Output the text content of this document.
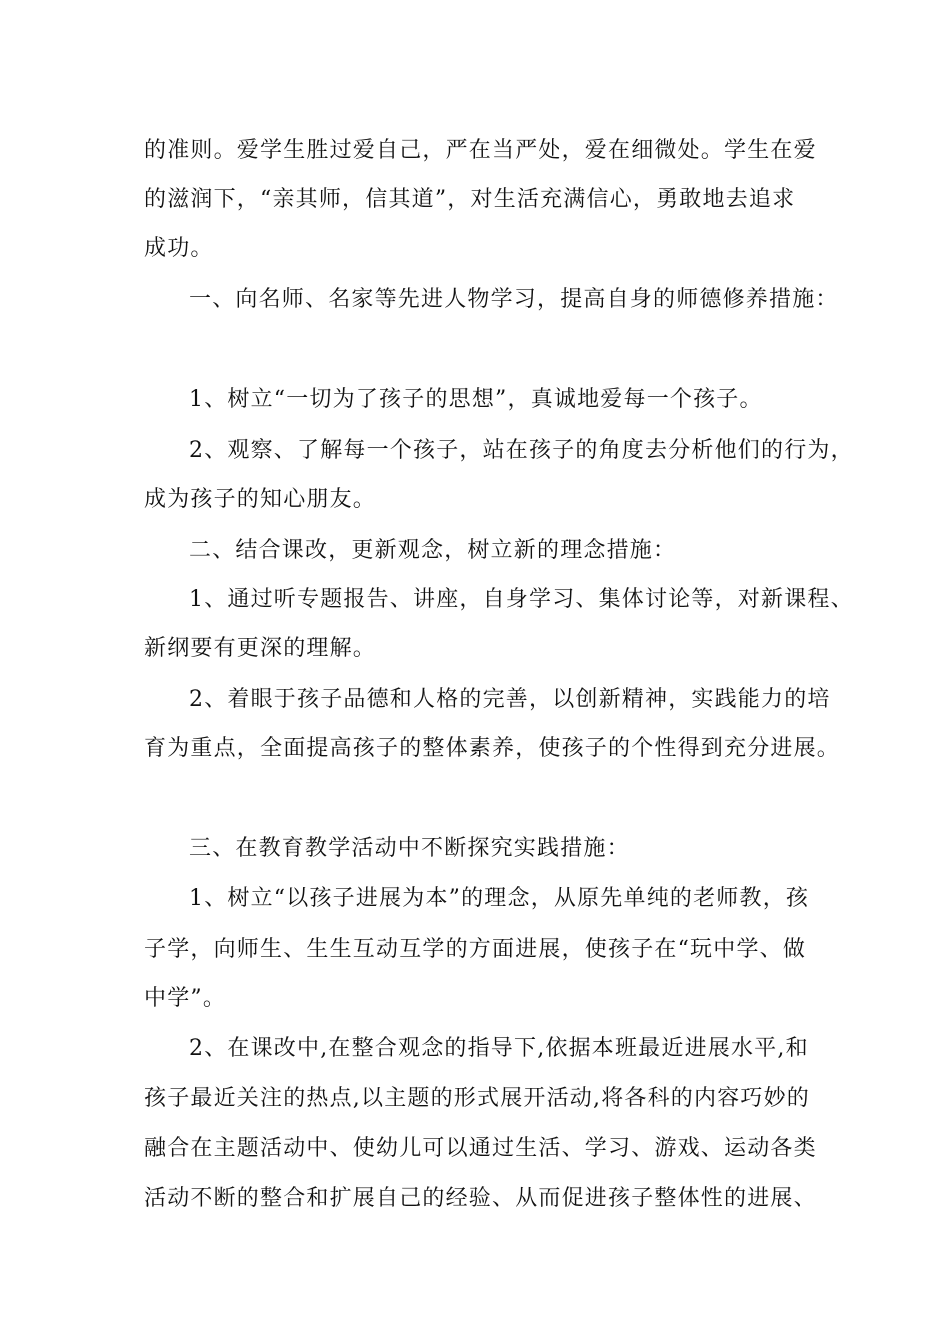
的准则。爱学生胜过爱自己，严在当严处，爱在细微处。学生在爱
的滋润下，“亲其师，信其道”，对生活充满信心，勇敢地去追求
成功。
一、向名师、名家等先进人物学习，提高自身的师德修养措施：
1、树立“一切为了孩子的思想”，真诚地爱每一个孩子。
2、观察、了解每一个孩子，站在孩子的角度去分析他们的行为，
成为孩子的知心朋友。
二、结合课改，更新观念，树立新的理念措施：
1、通过听专题报告、讲座，自身学习、集体讨论等，对新课程、
新纲要有更深的理解。
2、着眼于孩子品德和人格的完善，以创新精神，实践能力的培
育为重点，全面提高孩子的整体素养，使孩子的个性得到充分进展。
三、在教育教学活动中不断探究实践措施：
1、树立“以孩子进展为本”的理念，从原先单纯的老师教，孩
子学，向师生、生生互动互学的方面进展，使孩子在“玩中学、做
中学”。
2、在课改中,在整合观念的指导下,依据本班最近进展水平,和
孩子最近关注的热点,以主题的形式展开活动,将各科的内容巧妙的
融合在主题活动中、使幼儿可以通过生活、学习、游戏、运动各类
活动不断的整合和扩展自己的经验、从而促进孩子整体性的进展、
